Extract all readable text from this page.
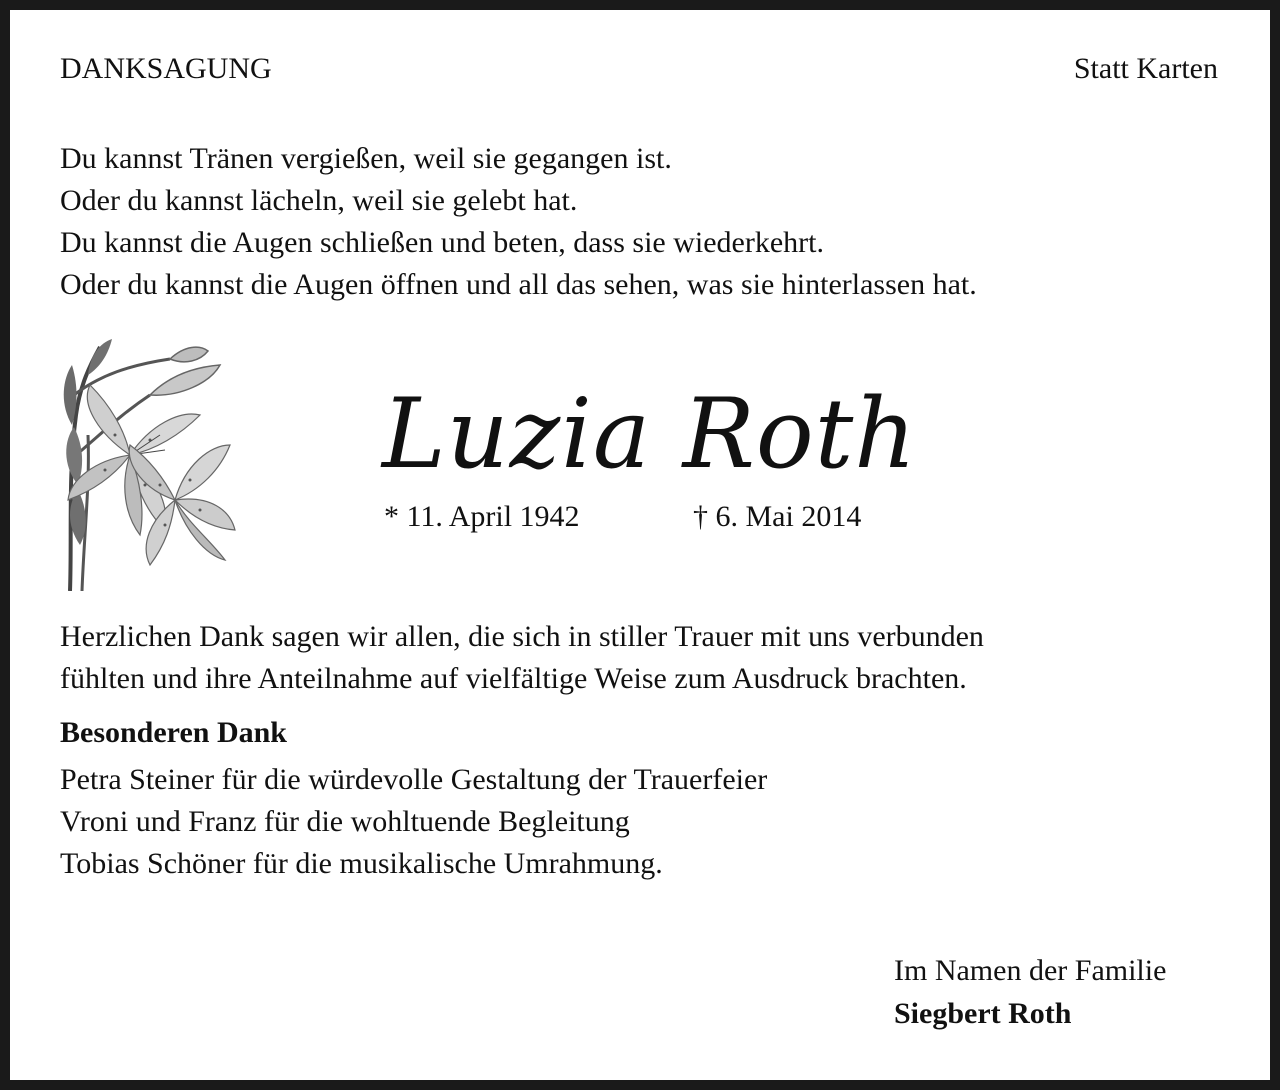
DANKSAGUNG	Statt Karten
Du kannst Tränen vergießen, weil sie gegangen ist.
Oder du kannst lächeln, weil sie gelebt hat.
Du kannst die Augen schließen und beten, dass sie wiederkehrt.
Oder du kannst die Augen öffnen und all das sehen, was sie hinterlassen hat.
Luzia Roth
* 11. April 1942	† 6. Mai 2014
Herzlichen Dank sagen wir allen, die sich in stiller Trauer mit uns verbunden
fühlten und ihre Anteilnahme auf vielfältige Weise zum Ausdruck brachten.
Besonderen Dank
Petra Steiner für die würdevolle Gestaltung der Trauerfeier
Vroni und Franz für die wohltuende Begleitung
Tobias Schöner für die musikalische Umrahmung.
Im Namen der Familie
Siegbert Roth
